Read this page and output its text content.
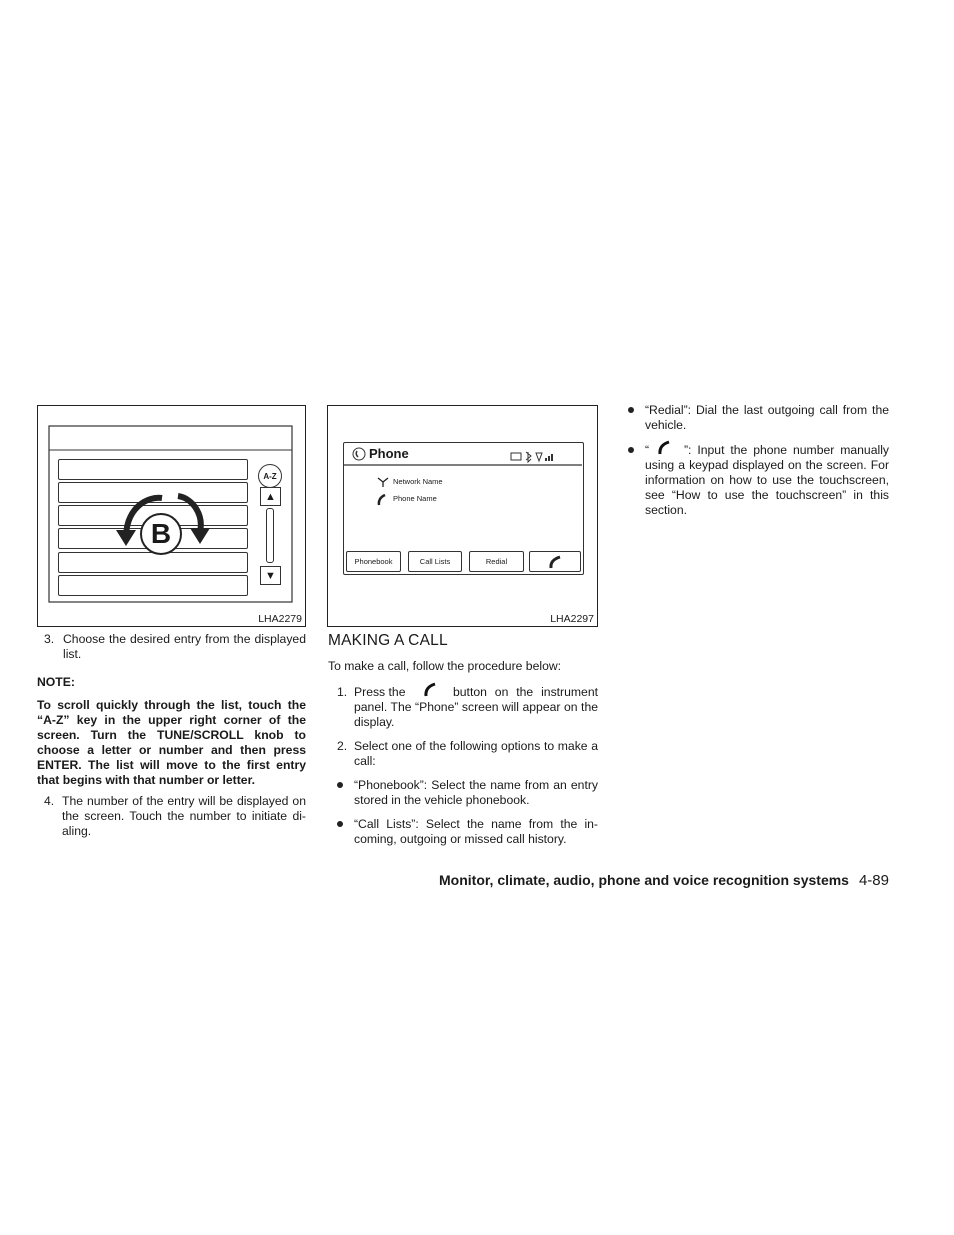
A-Z
▲
▼
B
LHA2279
Phone
Network Name
Phone Name
Phonebook	Call Lists	Redial
LHA2297
3. Choose the desired entry from the displayed list.
NOTE:
To scroll quickly through the list, touch the “A-Z” key in the upper right corner of the screen. Turn the TUNE/SCROLL knob to choose a letter or number and then press ENTER. The list will move to the first entry that begins with that number or letter.
4. The number of the entry will be displayed on the screen. Touch the number to initiate di-aling.
MAKING A CALL
To make a call, follow the procedure below:
1. Press the	button on the instrument
panel. The “Phone” screen will appear on the display.
2. Select one of the following options to make a call:
“Phonebook”: Select the name from an entry stored in the vehicle phonebook.
“Call Lists”: Select the name from the in-coming, outgoing or missed call history.
“Redial”: Dial the last outgoing call from the vehicle.
“	”: Input the phone number manually
using a keypad displayed on the screen. For information on how to use the touchscreen, see “How to use the touchscreen” in this section.
Monitor, climate, audio, phone and voice recognition systems 4-89
